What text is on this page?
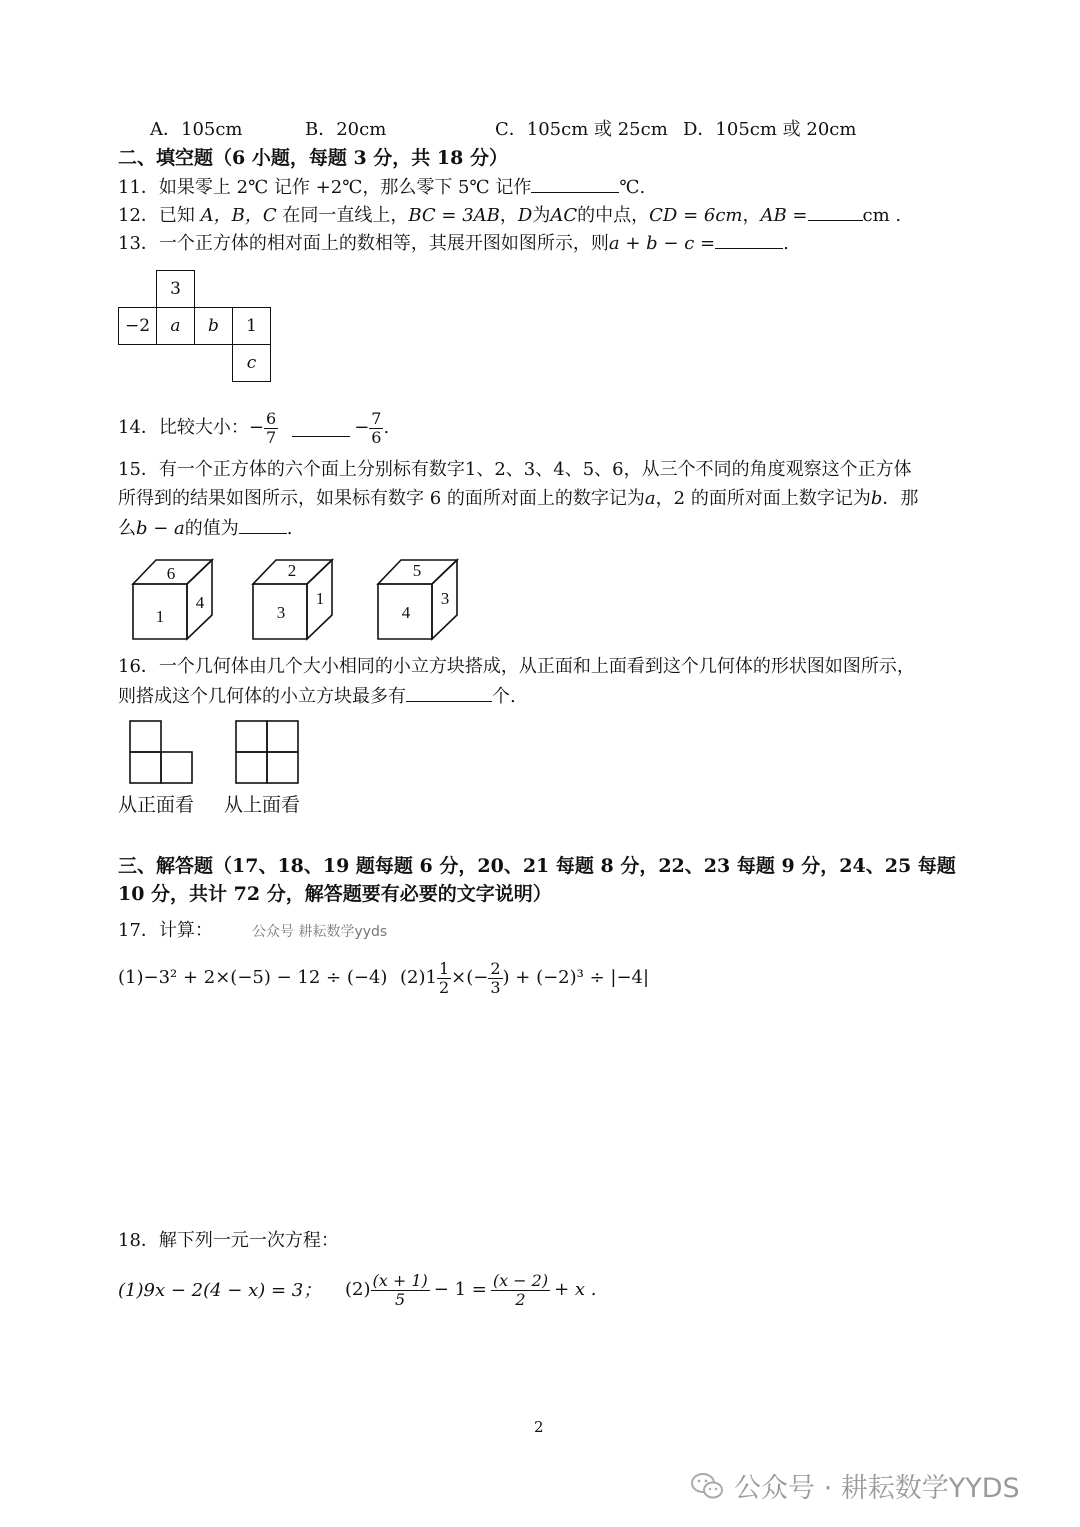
A．105cm	B．20cm	C．105cm 或 25cm D．105cm 或 20cm
二、填空题（6 小题，每题 3 分，共 18 分）
11．如果零上 2℃ 记作 +2℃，那么零下 5℃ 记作	℃.
12．已知 A，B，C 在同一直线上，BC = 3AB，D为AC的中点，CD = 6cm，AB =	cm .
13．一个正方体的相对面上的数相等，其展开图如图所示，则a + b − c =	.
3
−2	a	b	1
c
14．比较大小： − $\frac{6}{7}$	− $\frac{7}{6}$ .
15．有一个正方体的六个面上分别标有数字1、2、3、4、5、6，从三个不同的角度观察这个正方体
所得到的结果如图所示，如果标有数字 6 的面所对面上的数字记为a，2 的面所对面上数字记为b．那
么b − a的值为	.
6
1
4
2
3
1
5
4
3
16．一个几何体由几个大小相同的小立方块搭成，从正面和上面看到这个几何体的形状图如图所示，
则搭成这个几何体的小立方块最多有	个.
从正面看 从上面看
三、解答题（17、18、19 题每题 6 分，20、21 每题 8 分，22、23 每题 9 分，24、25 每题
10 分，共计 72 分，解答题要有必要的文字说明）
17．计算：	公众号 耕耘数学yyds
(1)−3² + 2×(−5) − 12 ÷ (−4) $(2)1 \frac{1}{2}$ ×(− $\frac{2}{3}$ ) + (−2)³ ÷ |−4|
18．解下列一元一次方程：
(1)9x − 2(4 − x) = 3； $(2) \frac{(x + 1)}{5} - 1 = \frac{(x - 2)}{2} + x$ .
2
公众号 · 耕耘数学YYDS
